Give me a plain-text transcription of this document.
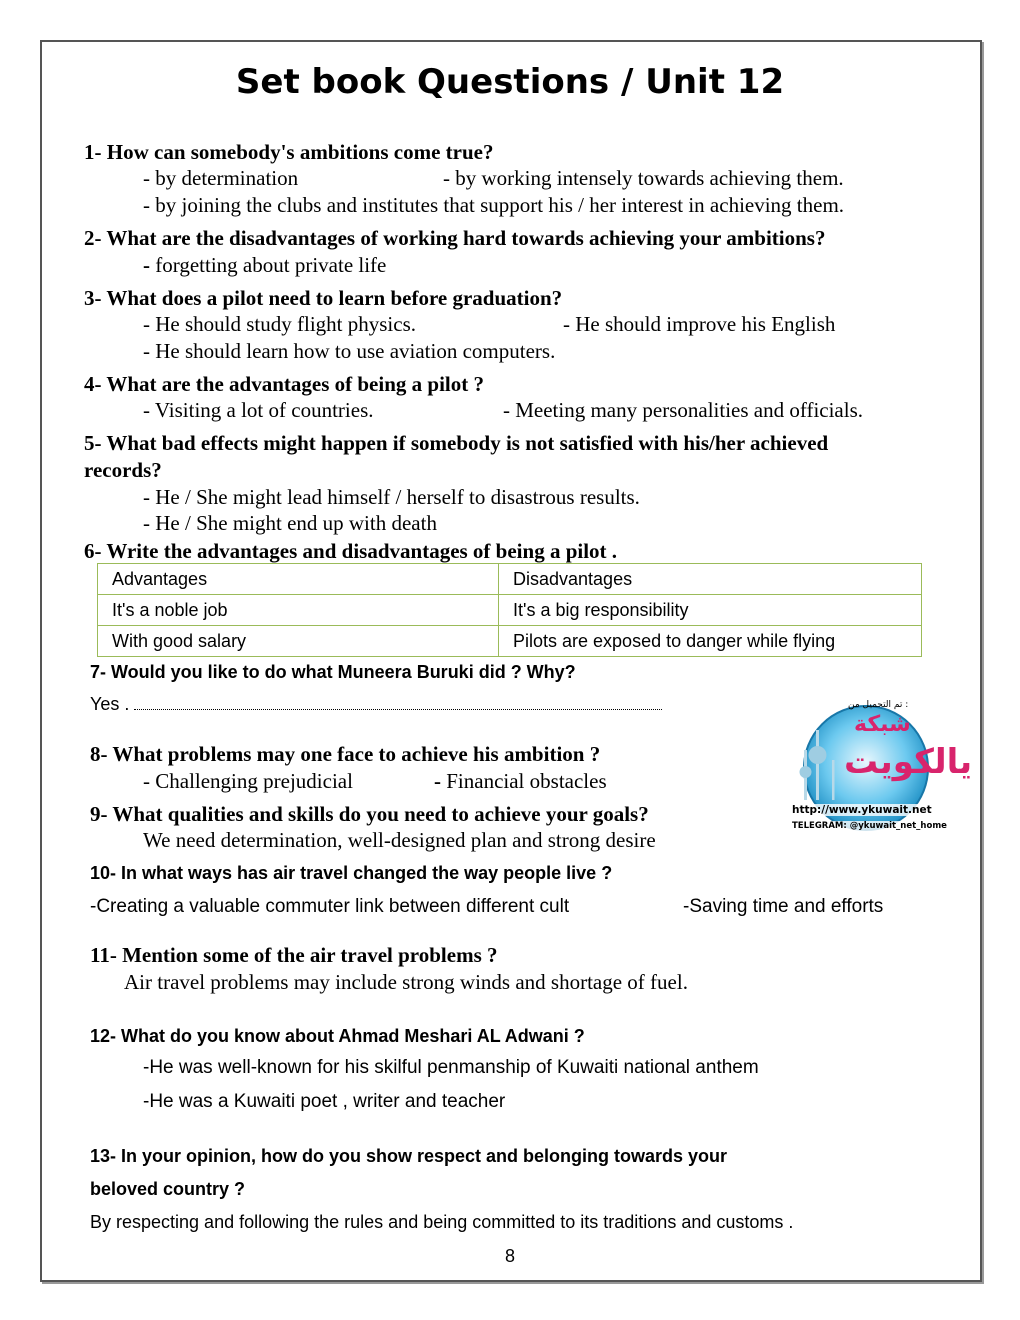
Set book Questions / Unit 12
1- How can somebody's ambitions come true?
- by determination	- by working intensely towards achieving them.
- by joining the clubs and institutes that support his / her interest in achieving them.
2- What are the disadvantages of working hard towards achieving your ambitions?
- forgetting about private life
3- What does a pilot need to learn before graduation?
- He should study flight physics.	- He should improve his English
- He should learn how to use aviation computers.
4- What are the advantages of being a pilot ?
- Visiting a lot of countries.	- Meeting many personalities and officials.
5- What bad effects might happen if somebody is not satisfied with his/her achieved
records?
- He / She might lead himself / herself to disastrous results.
- He / She might end up with death
6- Write the advantages and disadvantages of being a pilot .
Advantages	Disadvantages
It's a noble job	It's a big responsibility
With good salary	Pilots are exposed to danger while flying
7- Would you like to do what Muneera Buruki did ? Why?
Yes .	تم التحميل من :
شبكة
يالكويت
http://www.ykuwait.net
TELEGRAM: @ykuwait_net_home
8- What problems may one face to achieve his ambition ?
- Challenging prejudicial	- Financial obstacles
9- What qualities and skills do you need to achieve your goals?
We need determination, well-designed plan and strong desire
10- In what ways has air travel changed the way people live ?
-Creating a valuable commuter link between different cult	-Saving time and efforts
11- Mention some of the air travel problems ?
Air travel problems may include strong winds and shortage of fuel.
12- What do you know about Ahmad Meshari AL Adwani ?
-He was well-known for his skilful penmanship of Kuwaiti national anthem
-He was a Kuwaiti poet , writer and teacher
13- In your opinion, how do you show respect and belonging towards your
beloved country ?
By respecting and following the rules and being committed to its traditions and customs .
8
